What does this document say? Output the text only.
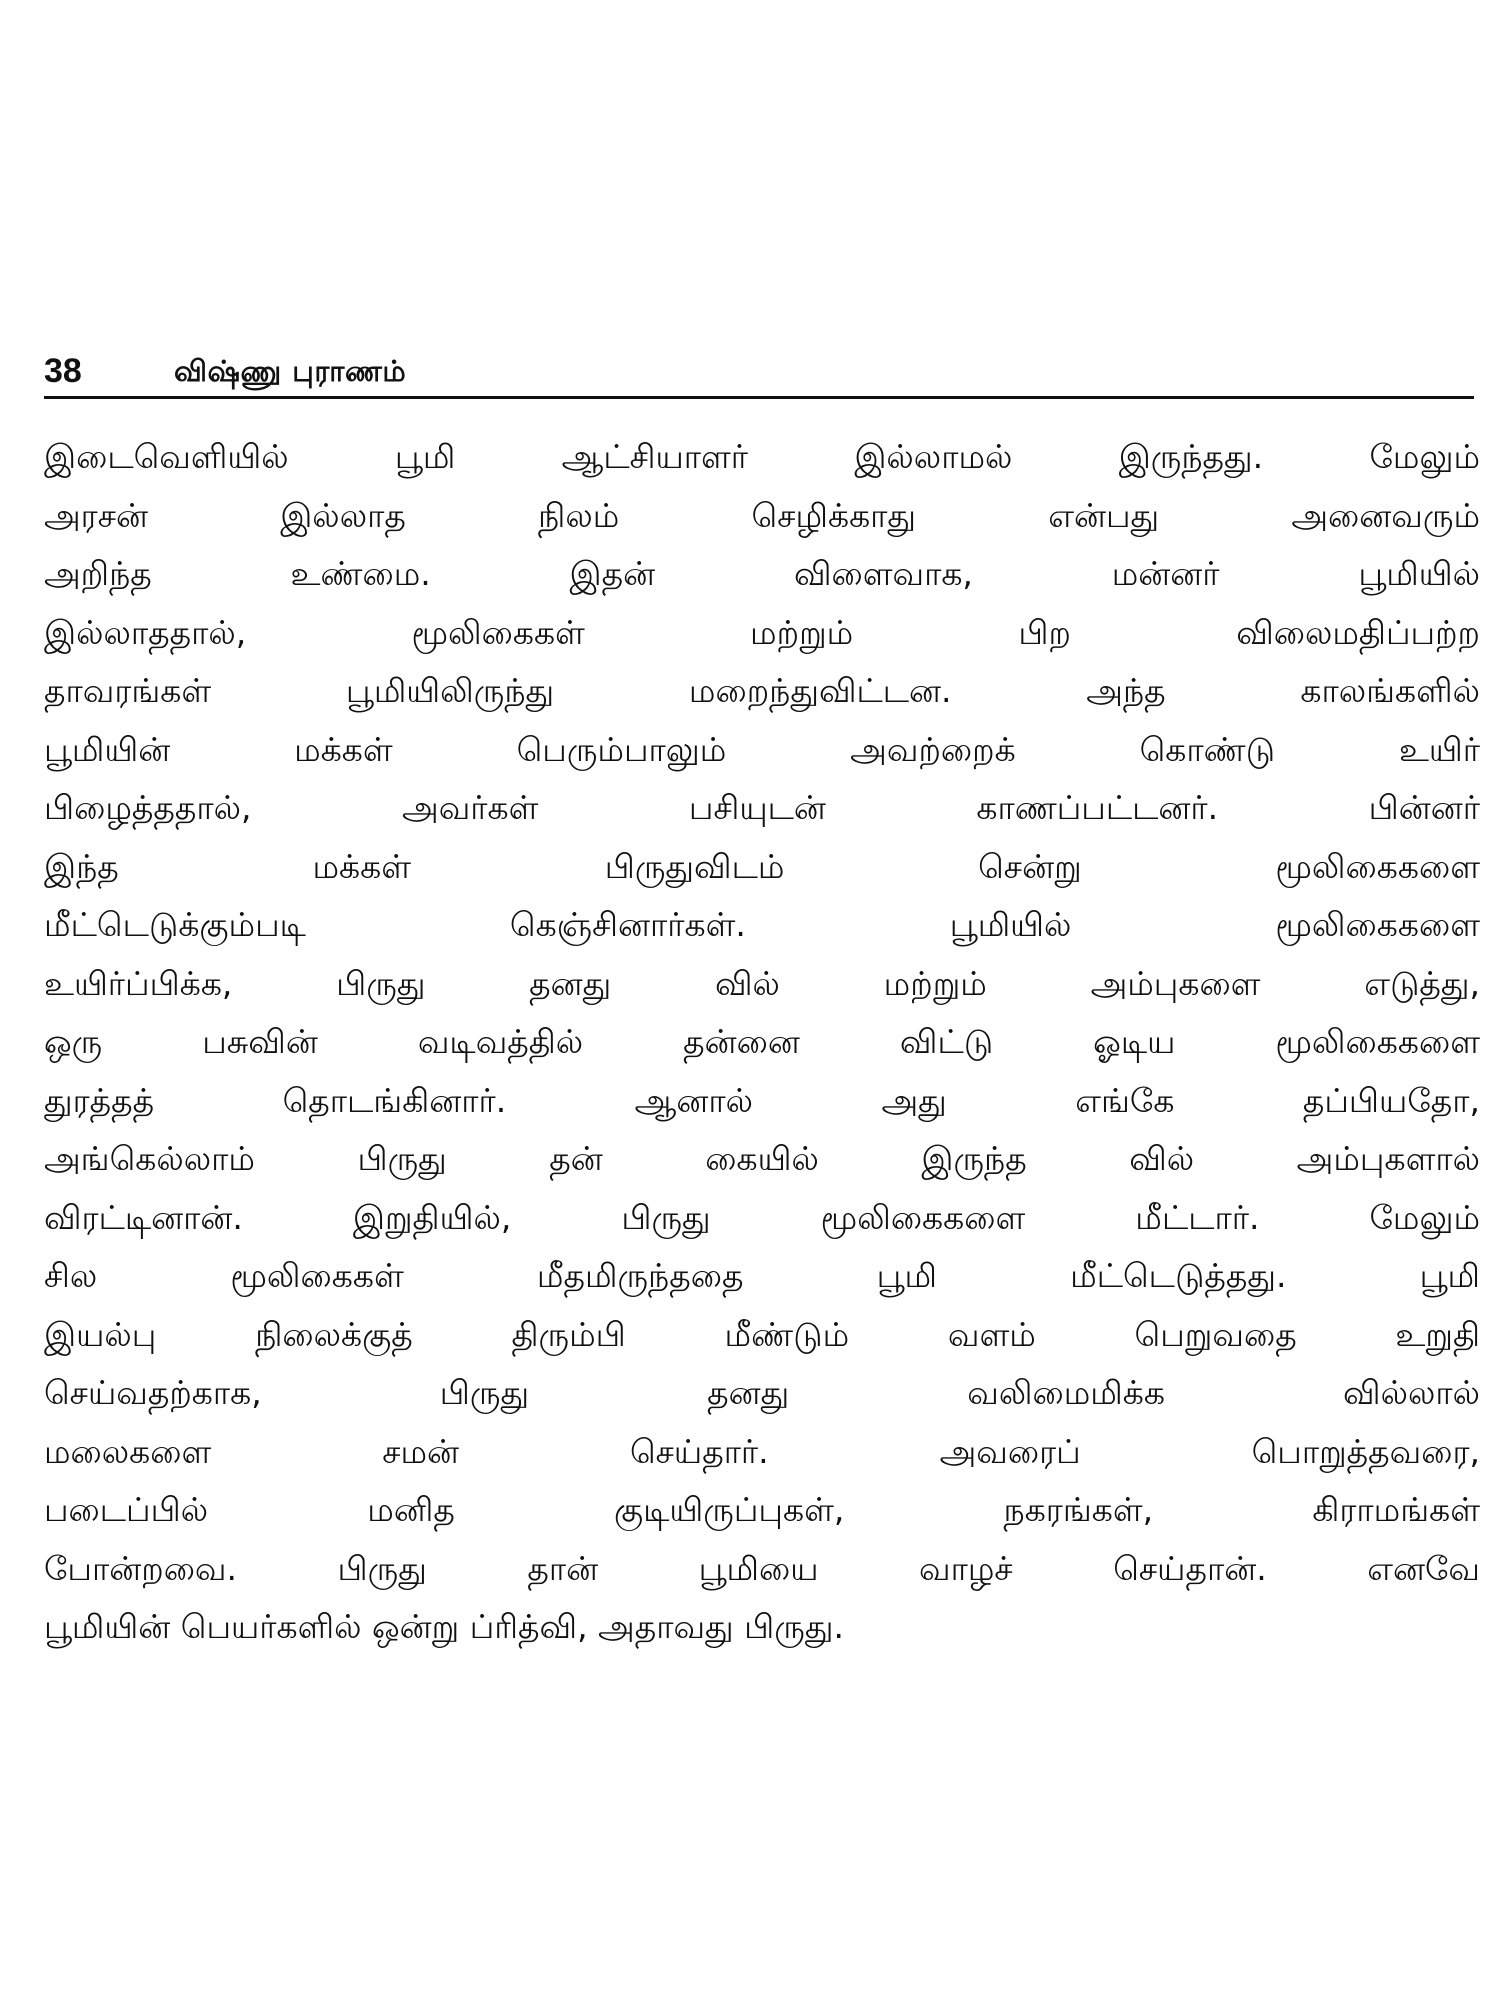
38	விஷ்ணு புராணம்
இடைவெளியில் பூமி ஆட்சியாளர் இல்லாமல் இருந்தது. மேலும்
அரசன் இல்லாத நிலம் செழிக்காது என்பது அனைவரும்
அறிந்த உண்மை. இதன் விளைவாக, மன்னர் பூமியில்
இல்லாததால், மூலிகைகள் மற்றும் பிற விலைமதிப்பற்ற
தாவரங்கள் பூமியிலிருந்து மறைந்துவிட்டன. அந்த காலங்களில்
பூமியின் மக்கள் பெரும்பாலும் அவற்றைக் கொண்டு உயிர்
பிழைத்ததால், அவர்கள் பசியுடன் காணப்பட்டனர். பின்னர்
இந்த மக்கள் பிருதுவிடம் சென்று மூலிகைகளை
மீட்டெடுக்கும்படி கெஞ்சினார்கள். பூமியில் மூலிகைகளை
உயிர்ப்பிக்க, பிருது தனது வில் மற்றும் அம்புகளை எடுத்து,
ஒரு பசுவின் வடிவத்தில் தன்னை விட்டு ஓடிய மூலிகைகளை
துரத்தத் தொடங்கினார். ஆனால் அது எங்கே தப்பியதோ,
அங்கெல்லாம் பிருது தன் கையில் இருந்த வில் அம்புகளால்
விரட்டினான். இறுதியில், பிருது மூலிகைகளை மீட்டார். மேலும்
சில மூலிகைகள் மீதமிருந்ததை பூமி மீட்டெடுத்தது. பூமி
இயல்பு நிலைக்குத் திரும்பி மீண்டும் வளம் பெறுவதை உறுதி
செய்வதற்காக, பிருது தனது வலிமைமிக்க வில்லால்
மலைகளை சமன் செய்தார். அவரைப் பொறுத்தவரை,
படைப்பில் மனித குடியிருப்புகள், நகரங்கள், கிராமங்கள்
போன்றவை. பிருது தான் பூமியை வாழச் செய்தான். எனவே
பூமியின் பெயர்களில் ஒன்று ப்ரித்வி, அதாவது பிருது.
